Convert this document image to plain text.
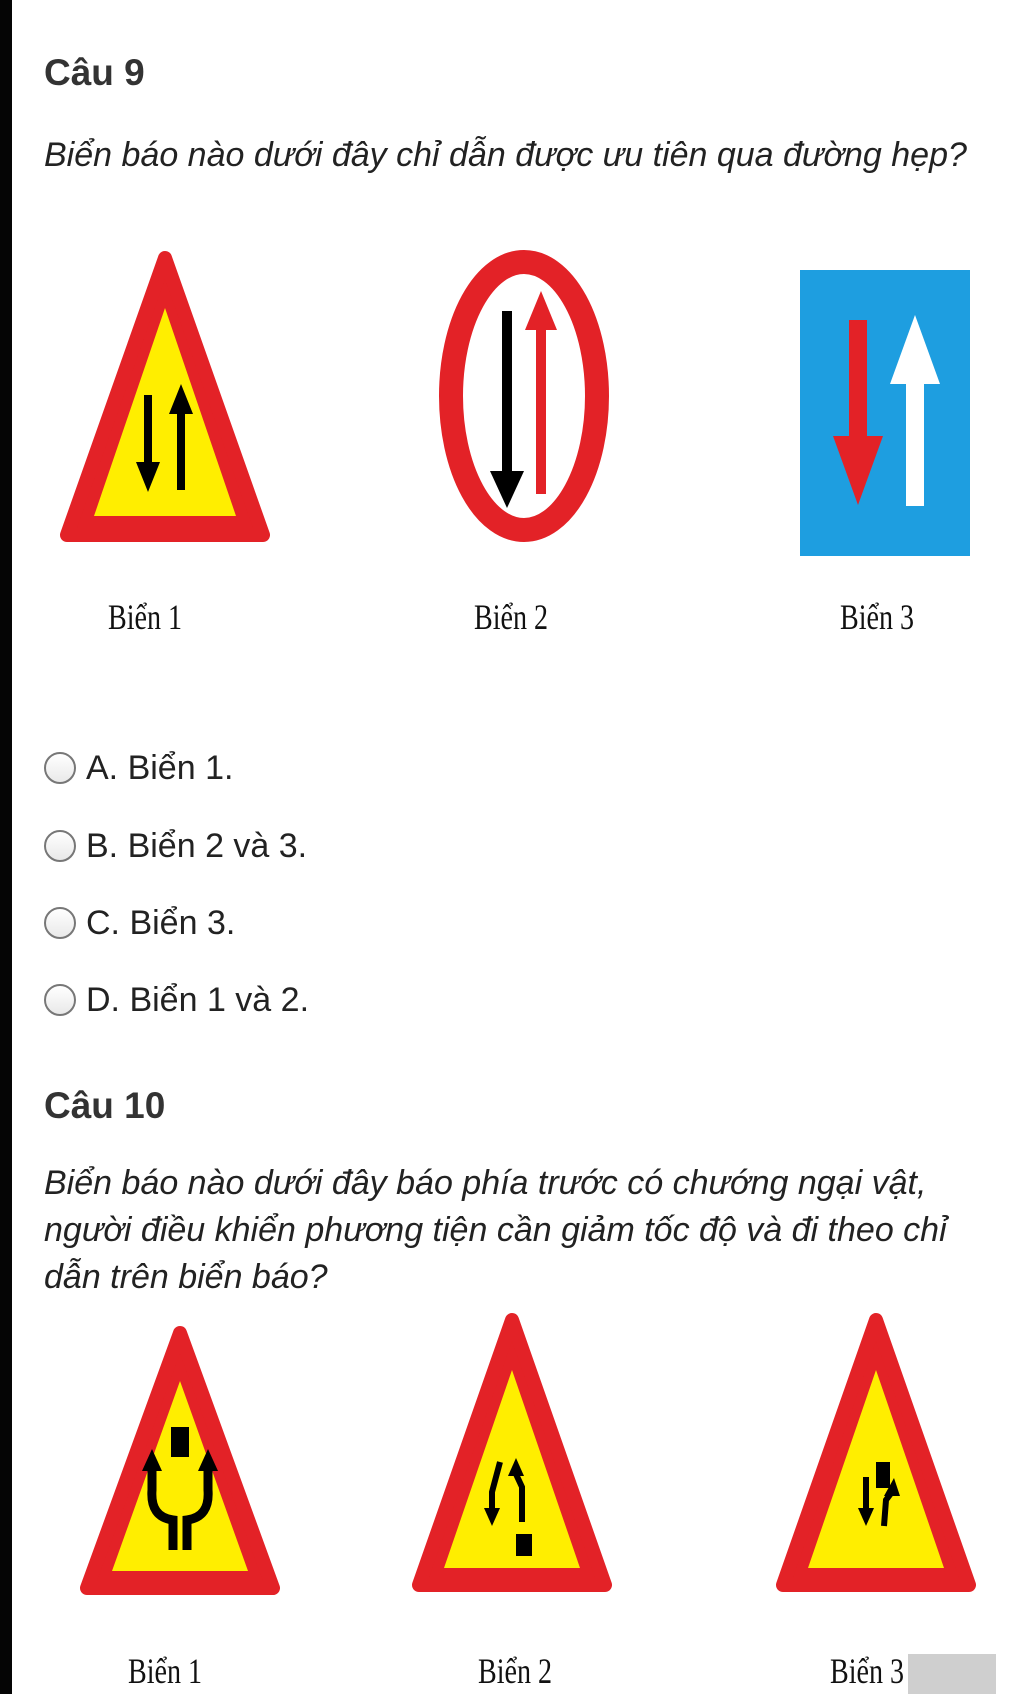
Câu 9
Biển báo nào dưới đây chỉ dẫn được ưu tiên qua đường hẹp?
Biển 1	Biển 2	Biển 3
A. Biển 1.
B. Biển 2 và 3.
C. Biển 3.
D. Biển 1 và 2.
Câu 10
Biển báo nào dưới đây báo phía trước có chướng ngại vật, người điều khiển phương tiện cần giảm tốc độ và đi theo chỉ dẫn trên biển báo?
Biển 1	Biển 2	Biển 3
